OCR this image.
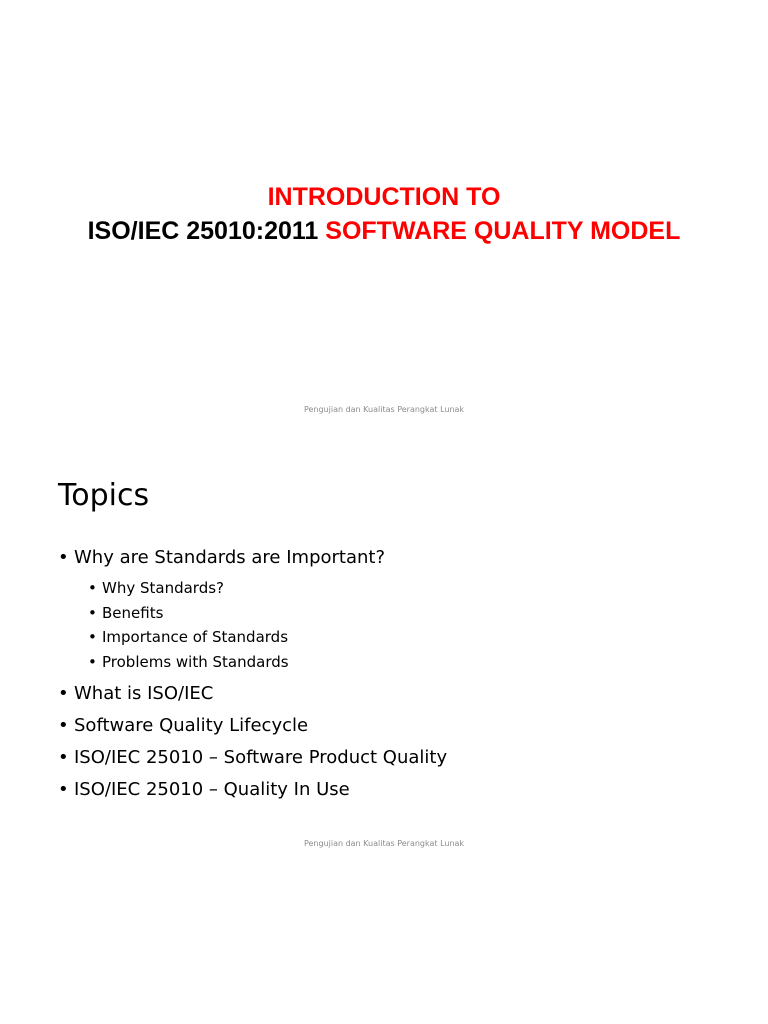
INTRODUCTION TO
ISO/IEC 25010:2011 SOFTWARE QUALITY MODEL
Pengujian dan Kualitas Perangkat Lunak
Topics
• Why are Standards are Important?
• Why Standards?
• Benefits
• Importance of Standards
• Problems with Standards
• What is ISO/IEC
• Software Quality Lifecycle
• ISO/IEC 25010 – Software Product Quality
• ISO/IEC 25010 – Quality In Use
Pengujian dan Kualitas Perangkat Lunak
